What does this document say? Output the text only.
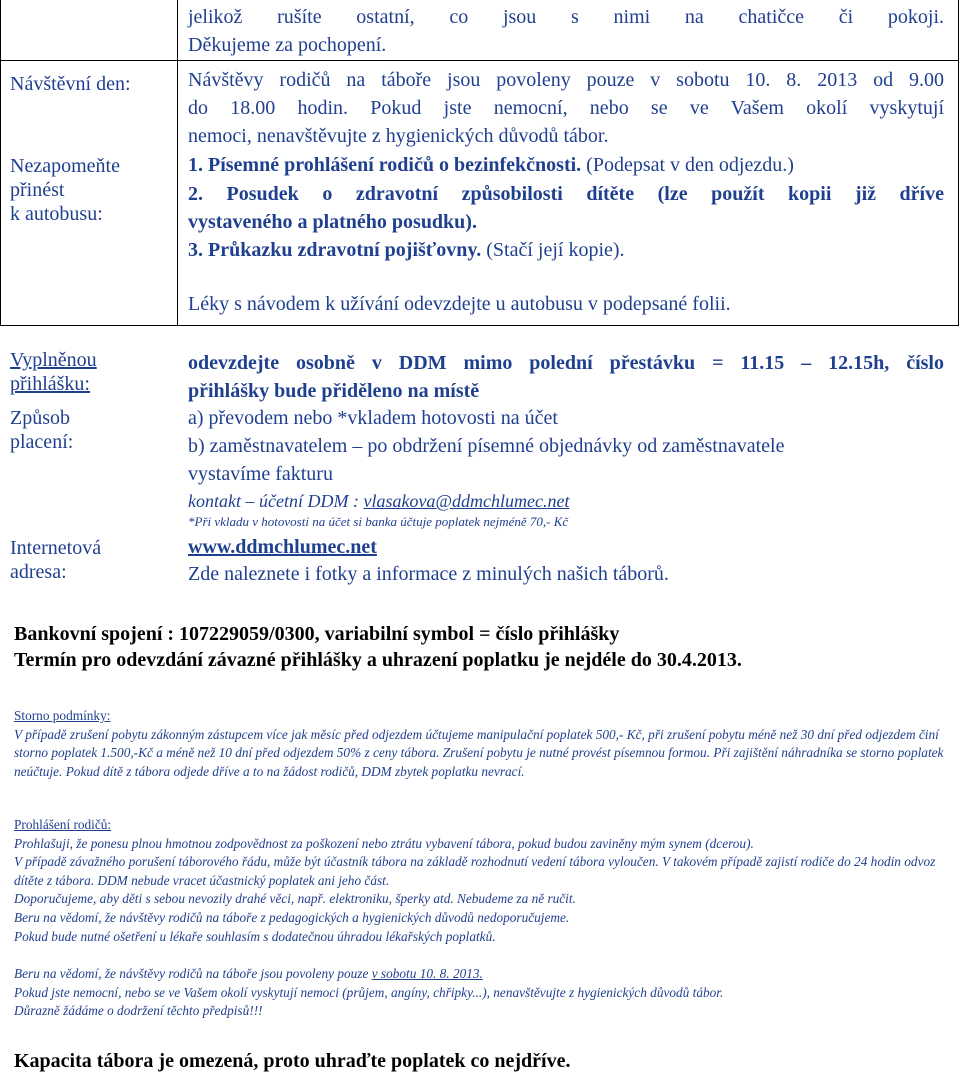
jelikož rušíte ostatní, co jsou s nimi na chatičce či pokoji.
Děkujeme za pochopení.
Návštěvní den:	Návštěvy rodičů na táboře jsou povoleny pouze v sobotu 10. 8. 2013 od 9.00
do 18.00 hodin. Pokud jste nemocní, nebo se ve Vašem okolí vyskytují
nemoci, nenavštěvujte z hygienických důvodů tábor.
Nezapomeňte
přinést
k autobusu:
1. Písemné prohlášení rodičů o bezinfekčnosti. (Podepsat v den odjezdu.)
2. Posudek o zdravotní způsobilosti dítěte (lze použít kopii již dříve
vystaveného a platného posudku).
3. Průkazku zdravotní pojišťovny. (Stačí její kopie).
Léky s návodem k užívání odevzdejte u autobusu v podepsané folii.
Vyplněnou
přihlášku:
Způsob
placení:
Internetová
adresa:
odevzdejte osobně v DDM mimo polední přestávku = 11.15 – 12.15h, číslo
přihlášky bude přiděleno na místě
a) převodem nebo *vkladem hotovosti na účet
b) zaměstnavatelem – po obdržení písemné objednávky od zaměstnavatele
vystavíme fakturu
kontakt – účetní DDM : vlasakova@ddmchlumec.net
*Při vkladu v hotovosti na účet si banka účtuje poplatek nejméně 70,- Kč
www.ddmchlumec.net
Zde naleznete i fotky a informace z minulých našich táborů.
Bankovní spojení : 107229059/0300, variabilní symbol = číslo přihlášky
Termín pro odevzdání závazné přihlášky a uhrazení poplatku je nejdéle do 30.4.2013.

Storno podmínky:

V případě zrušení pobytu zákonným zástupcem více jak měsíc před odjezdem účtujeme manipulační poplatek 500,- Kč, při zrušení pobytu méně než 30 dní před odjezdem činí storno poplatek 1.500,-Kč a méně než 10 dní před odjezdem 50% z ceny tábora. Zrušení pobytu je nutné provést písemnou formou. Při zajištění náhradníka se storno poplatek neúčtuje. Pokud dítě z tábora odjede dříve a to na žádost rodičů, DDM zbytek poplatku nevrací.

Prohlášení rodičů:

Prohlašuji, že ponesu plnou hmotnou zodpovědnost za poškození nebo ztrátu vybavení tábora, pokud budou zaviněny mým synem (dcerou).

V případě závažného porušení táborového řádu, může být účastník tábora na základě rozhodnutí vedení tábora vyloučen. V takovém případě zajistí rodiče do 24 hodin odvoz dítěte z tábora. DDM nebude vracet účastnický poplatek ani jeho část.

Doporučujeme, aby děti s sebou nevozily drahé věci, např. elektroniku, šperky atd. Nebudeme za ně ručit.

Beru na vědomí, že návštěvy rodičů na táboře z pedagogických a hygienických důvodů nedoporučujeme.

Pokud bude nutné ošetření u lékaře souhlasím s dodatečnou úhradou lékařských poplatků.

Beru na vědomí, že návštěvy rodičů na táboře jsou povoleny pouze v sobotu 10. 8. 2013.

Pokud jste nemocní, nebo se ve Vašem okolí vyskytují nemoci (průjem, angíny, chřipky...), nenavštěvujte z hygienických důvodů tábor.

Důrazně žádáme o dodržení těchto předpisů!!!

Kapacita tábora je omezená, proto uhraďte poplatek co nejdříve.
